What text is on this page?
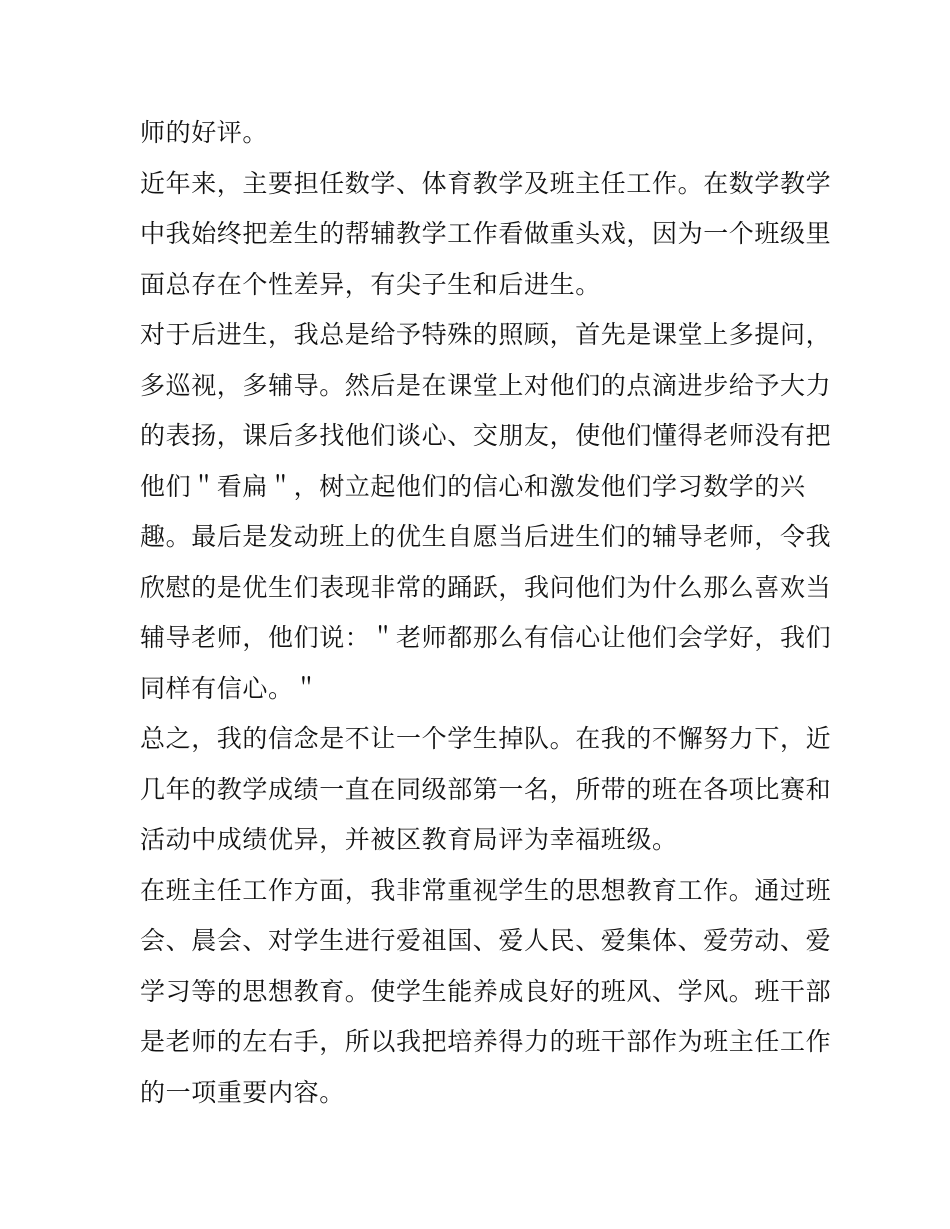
师的好评。
近年来，主要担任数学、体育教学及班主任工作。在数学教学
中我始终把差生的帮辅教学工作看做重头戏，因为一个班级里
面总存在个性差异，有尖子生和后进生。
对于后进生，我总是给予特殊的照顾，首先是课堂上多提问，
多巡视，多辅导。然后是在课堂上对他们的点滴进步给予大力
的表扬，课后多找他们谈心、交朋友，使他们懂得老师没有把
他们＂看扁＂，树立起他们的信心和激发他们学习数学的兴
趣。最后是发动班上的优生自愿当后进生们的辅导老师，令我
欣慰的是优生们表现非常的踊跃，我问他们为什么那么喜欢当
辅导老师，他们说：＂老师都那么有信心让他们会学好，我们
同样有信心。＂
总之，我的信念是不让一个学生掉队。在我的不懈努力下，近
几年的教学成绩一直在同级部第一名，所带的班在各项比赛和
活动中成绩优异，并被区教育局评为幸福班级。
在班主任工作方面，我非常重视学生的思想教育工作。通过班
会、晨会、对学生进行爱祖国、爱人民、爱集体、爱劳动、爱
学习等的思想教育。使学生能养成良好的班风、学风。班干部
是老师的左右手，所以我把培养得力的班干部作为班主任工作
的一项重要内容。
